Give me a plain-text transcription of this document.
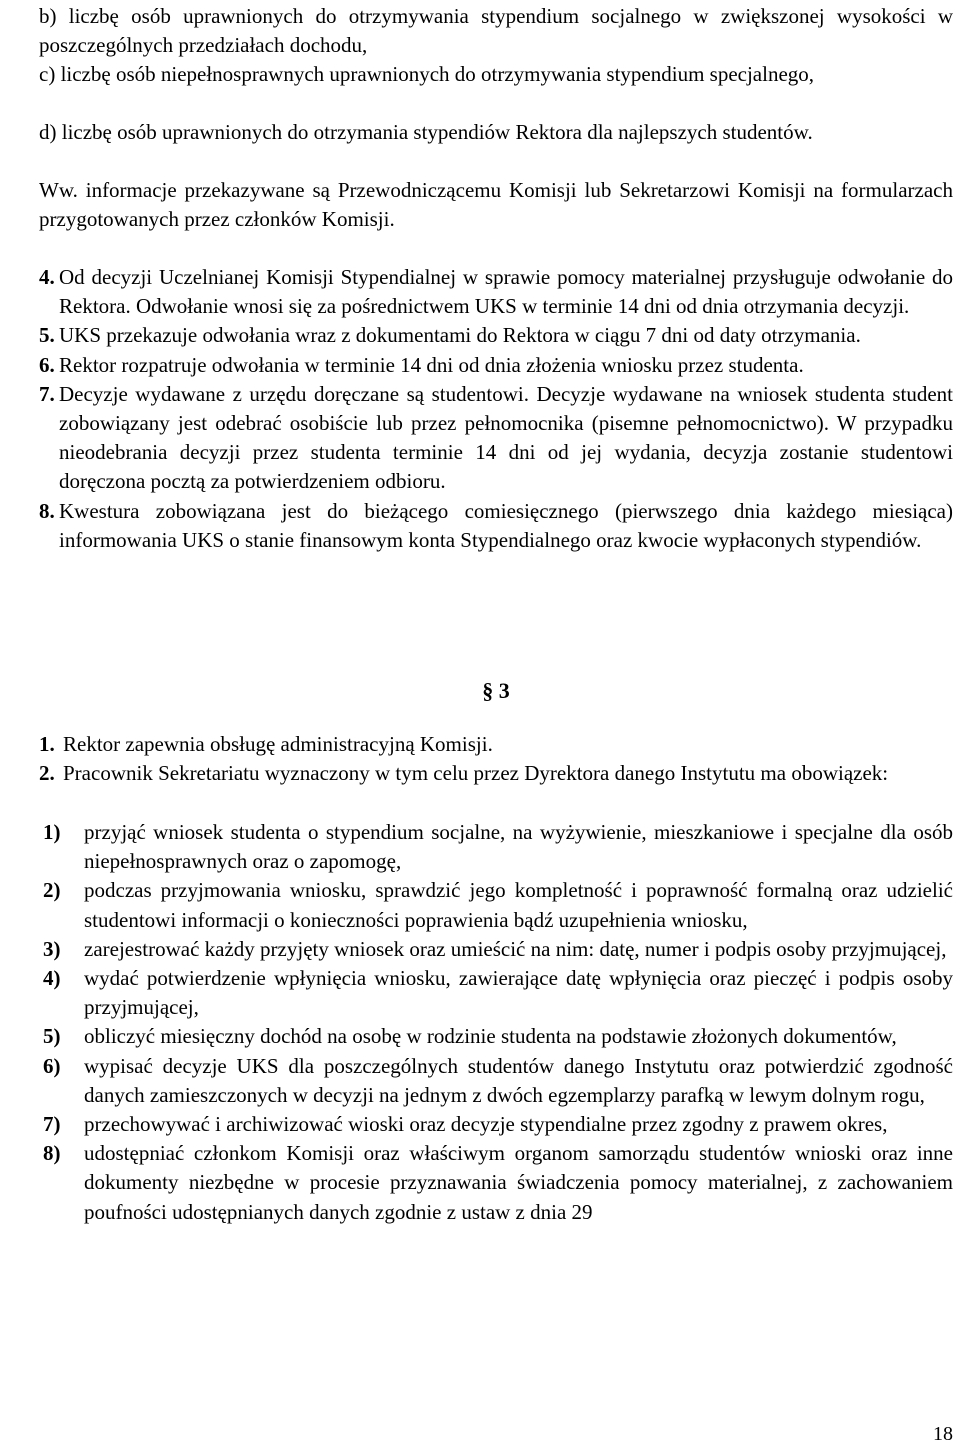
b) liczbę osób uprawnionych do otrzymywania stypendium socjalnego w zwiększonej wysokości w poszczególnych przedziałach dochodu,

c) liczbę osób niepełnosprawnych uprawnionych do otrzymywania stypendium specjalnego,

d) liczbę osób uprawnionych do otrzymania stypendiów Rektora dla najlepszych studentów.

Ww. informacje przekazywane są Przewodniczącemu Komisji lub Sekretarzowi Komisji na formularzach przygotowanych przez członków Komisji.

4. Od decyzji Uczelnianej Komisji Stypendialnej w sprawie pomocy materialnej przysługuje odwołanie do Rektora. Odwołanie wnosi się za pośrednictwem UKS w terminie 14 dni od dnia otrzymania decyzji.
5. UKS przekazuje odwołania wraz z dokumentami do Rektora w ciągu 7 dni od daty otrzymania.
6. Rektor rozpatruje odwołania w terminie 14 dni od dnia złożenia wniosku przez studenta.
7. Decyzje wydawane z urzędu doręczane są studentowi. Decyzje wydawane na wniosek studenta student zobowiązany jest odebrać osobiście lub przez pełnomocnika (pisemne pełnomocnictwo). W przypadku nieodebrania decyzji przez studenta terminie 14 dni od jej wydania, decyzja zostanie studentowi doręczona pocztą za potwierdzeniem odbioru.
8. Kwestura zobowiązana jest do bieżącego comiesięcznego (pierwszego dnia każdego miesiąca) informowania UKS o stanie finansowym konta Stypendialnego oraz kwocie wypłaconych stypendiów.

§ 3

1. Rektor zapewnia obsługę administracyjną Komisji.
2. Pracownik Sekretariatu wyznaczony w tym celu przez Dyrektora danego Instytutu ma obowiązek:
1)	przyjąć wniosek studenta o stypendium socjalne, na wyżywienie, mieszkaniowe i specjalne dla osób niepełnosprawnych oraz o zapomogę,
2)	podczas przyjmowania wniosku, sprawdzić jego kompletność i poprawność formalną oraz udzielić studentowi informacji o konieczności poprawienia bądź uzupełnienia wniosku,
3)	zarejestrować każdy przyjęty wniosek oraz umieścić na nim: datę, numer i podpis osoby przyjmującej,
4)	wydać potwierdzenie wpłynięcia wniosku, zawierające datę wpłynięcia oraz pieczęć i podpis osoby przyjmującej,
5)	obliczyć miesięczny dochód na osobę w rodzinie studenta na podstawie złożonych dokumentów,
6)	wypisać decyzje UKS dla poszczególnych studentów danego Instytutu oraz potwierdzić zgodność danych zamieszczonych w decyzji na jednym z dwóch egzemplarzy parafką w lewym dolnym rogu,
7)	przechowywać i archiwizować wioski oraz decyzje stypendialne przez zgodny z prawem okres,
8)	udostępniać członkom Komisji oraz właściwym organom samorządu studentów wnioski oraz inne dokumenty niezbędne w procesie przyznawania świadczenia pomocy materialnej, z zachowaniem poufności udostępnianych danych zgodnie z ustaw z dnia 29
18
